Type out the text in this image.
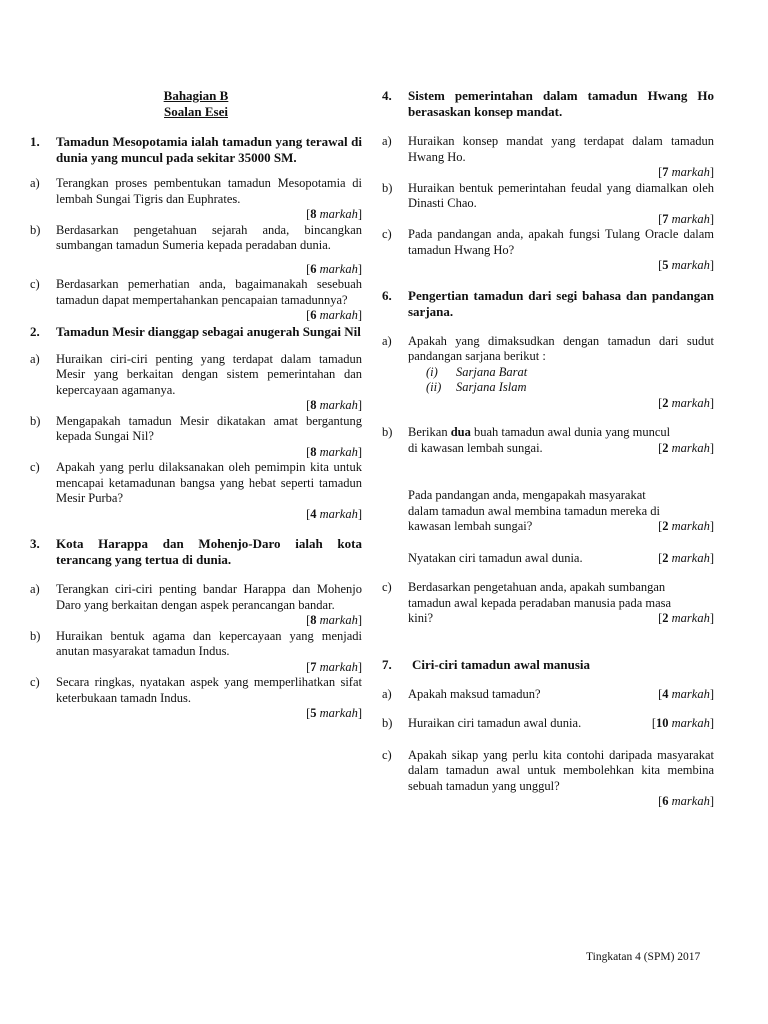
Bahagian B
Soalan Esei
1.	Tamadun Mesopotamia ialah tamadun yang terawal di dunia yang muncul pada sekitar 35000 SM.
a)	Terangkan proses pembentukan tamadun Mesopotamia di lembah Sungai Tigris dan Euphrates.
[8 markah]
b)	Berdasarkan pengetahuan sejarah anda, bincangkan sumbangan tamadun Sumeria kepada peradaban dunia.
[6 markah]
c)	Berdasarkan pemerhatian anda, bagaimanakah sesebuah tamadun dapat mempertahankan pencapaian tamadunnya?
[6 markah]
2.	Tamadun Mesir dianggap sebagai anugerah Sungai Nil
a)	Huraikan ciri-ciri penting yang terdapat dalam tamadun Mesir yang berkaitan dengan sistem pemerintahan dan kepercayaan agamanya.
[8 markah]
b)	Mengapakah tamadun Mesir dikatakan amat bergantung kepada Sungai Nil?
[8 markah]
c)	Apakah yang perlu dilaksanakan oleh pemimpin kita untuk mencapai ketamadunan bangsa yang hebat seperti tamadun Mesir Purba?
[4 markah]
3.	Kota Harappa dan Mohenjo-Daro ialah kota terancang yang tertua di dunia.
a)	Terangkan ciri-ciri penting bandar Harappa dan Mohenjo Daro yang berkaitan dengan aspek perancangan bandar.
[8 markah]
b)	Huraikan bentuk agama dan kepercayaan yang menjadi anutan masyarakat tamadun Indus.
[7 markah]
c)	Secara ringkas, nyatakan aspek yang memperlihatkan sifat keterbukaan tamadn Indus.
[5 markah]
4.	Sistem pemerintahan dalam tamadun Hwang Ho berasaskan konsep mandat.
a)	Huraikan konsep mandat yang terdapat dalam tamadun Hwang Ho.
[7 markah]
b)	Huraikan bentuk pemerintahan feudal yang diamalkan oleh Dinasti Chao.
[7 markah]
c)	Pada pandangan anda, apakah fungsi Tulang Oracle dalam tamadun Hwang Ho?
[5 markah]
6.	Pengertian tamadun dari segi bahasa dan pandangan sarjana.
a)	Apakah yang dimaksudkan dengan tamadun dari sudut pandangan sarjana berikut :
(i)	Sarjana Barat
(ii)	Sarjana Islam
[2 markah]
b)	Berikan dua buah tamadun awal dunia yang muncul
di kawasan lembah sungai.	[2 markah]
Pada pandangan anda, mengapakah masyarakat
dalam tamadun awal membina tamadun mereka di
kawasan lembah sungai?	[2 markah]
Nyatakan ciri tamadun awal dunia.	[2 markah]
c)	Berdasarkan pengetahuan anda, apakah sumbangan
tamadun awal kepada peradaban manusia pada masa
kini?	[2 markah]
7.	Ciri-ciri tamadun awal manusia
a)	Apakah maksud tamadun?	[4 markah]
b)	Huraikan ciri tamadun awal dunia.	[10 markah]
c)	Apakah sikap yang perlu kita contohi daripada masyarakat dalam tamadun awal untuk membolehkan kita membina sebuah tamadun yang unggul?
[6 markah]
Tingkatan 4 (SPM) 2017
